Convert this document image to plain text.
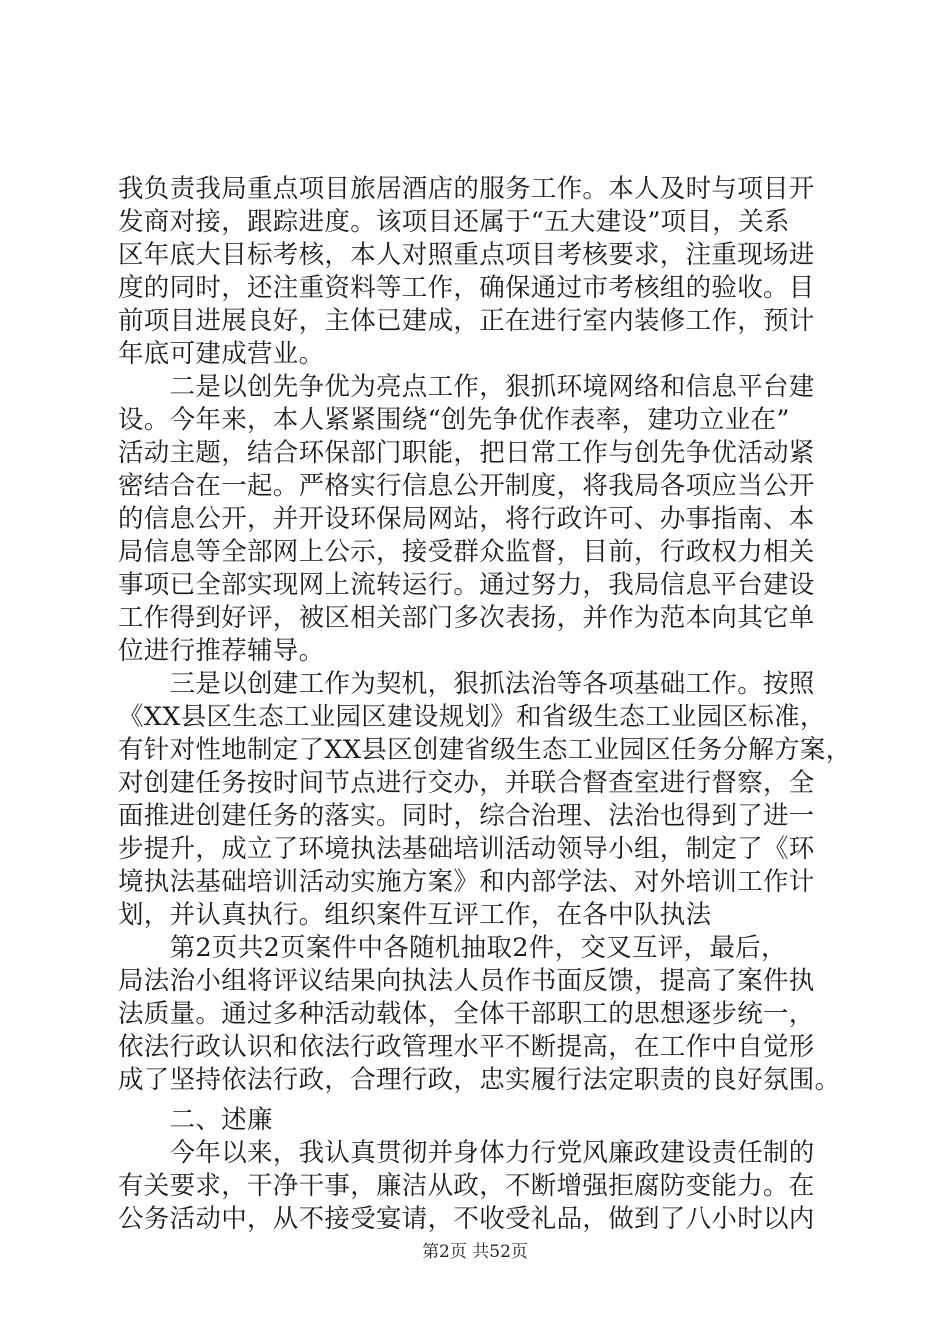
我负责我局重点项目旅居酒店的服务工作。本人及时与项目开
发商对接，跟踪进度。该项目还属于“五大建设”项目，关系
区年底大目标考核，本人对照重点项目考核要求，注重现场进
度的同时，还注重资料等工作，确保通过市考核组的验收。目
前项目进展良好，主体已建成，正在进行室内装修工作，预计
年底可建成营业。
　　二是以创先争优为亮点工作，狠抓环境网络和信息平台建
设。今年来，本人紧紧围绕“创先争优作表率，建功立业在”
活动主题，结合环保部门职能，把日常工作与创先争优活动紧
密结合在一起。严格实行信息公开制度，将我局各项应当公开
的信息公开，并开设环保局网站，将行政许可、办事指南、本
局信息等全部网上公示，接受群众监督，目前，行政权力相关
事项已全部实现网上流转运行。通过努力，我局信息平台建设
工作得到好评，被区相关部门多次表扬，并作为范本向其它单
位进行推荐辅导。
　　三是以创建工作为契机，狠抓法治等各项基础工作。按照
《XX县区生态工业园区建设规划》和省级生态工业园区标准，
有针对性地制定了XX县区创建省级生态工业园区任务分解方案，
对创建任务按时间节点进行交办，并联合督查室进行督察，全
面推进创建任务的落实。同时，综合治理、法治也得到了进一
步提升，成立了环境执法基础培训活动领导小组，制定了《环
境执法基础培训活动实施方案》和内部学法、对外培训工作计
划，并认真执行。组织案件互评工作，在各中队执法
　　第2页共2页案件中各随机抽取2件，交叉互评，最后，
局法治小组将评议结果向执法人员作书面反馈，提高了案件执
法质量。通过多种活动载体，全体干部职工的思想逐步统一，
依法行政认识和依法行政管理水平不断提高，在工作中自觉形
成了坚持依法行政，合理行政，忠实履行法定职责的良好氛围。
　　二、述廉
　　今年以来，我认真贯彻并身体力行党风廉政建设责任制的
有关要求，干净干事，廉洁从政，不断增强拒腐防变能力。在
公务活动中，从不接受宴请，不收受礼品，做到了八小时以内
第2页 共52页
